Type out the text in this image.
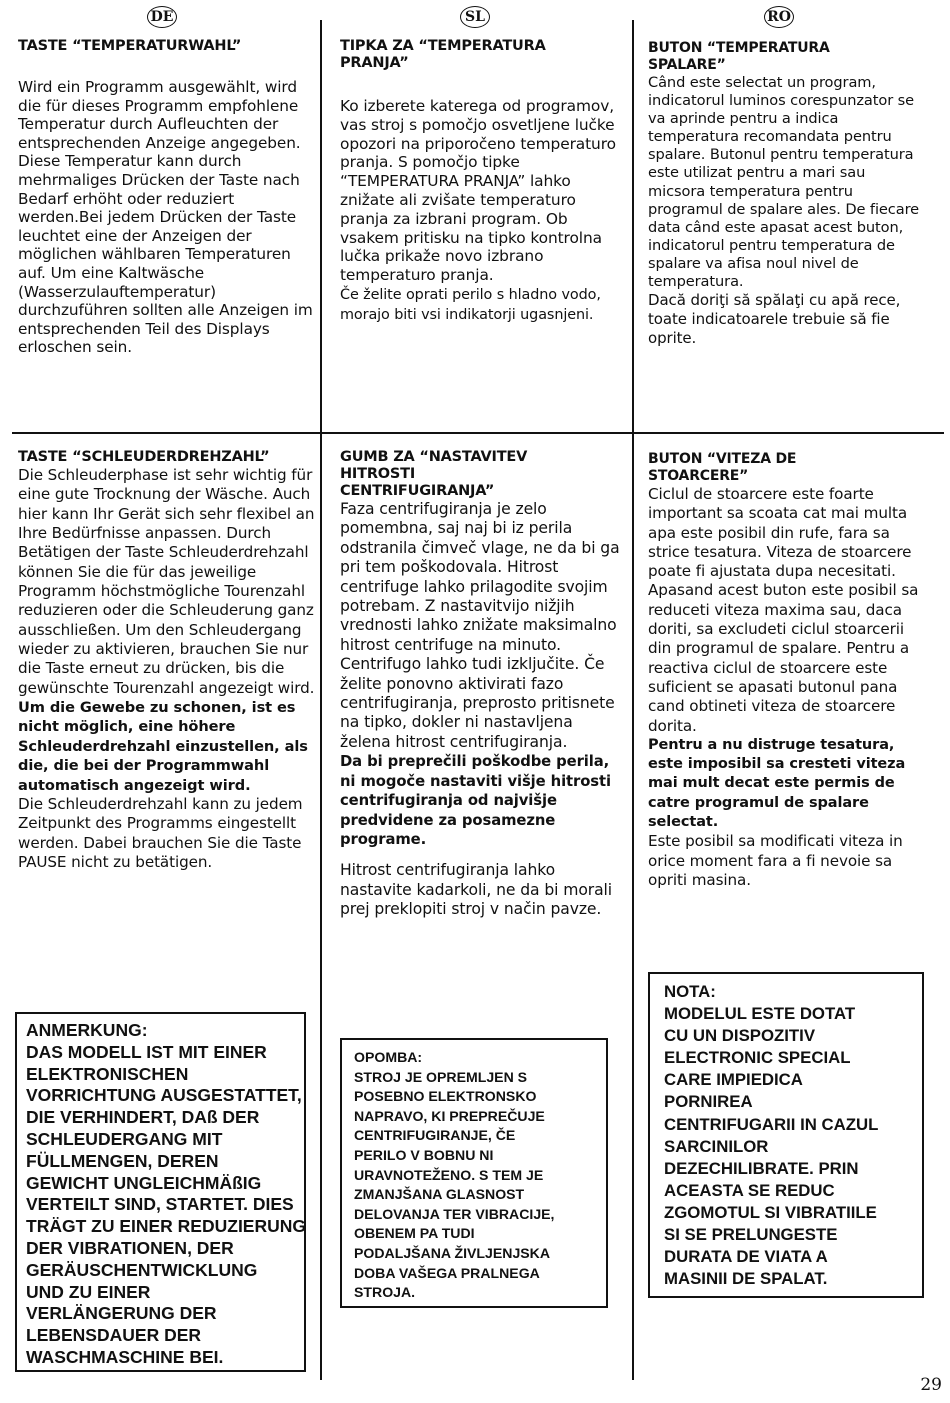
DE	SL	RO

TASTE “TEMPERATURWAHL”

Wird ein Programm ausgewählt, wird die für dieses Programm empfohlene Temperatur durch Aufleuchten der entsprechenden Anzeige angegeben. Diese Temperatur kann durch mehrmaliges Drücken der Taste nach Bedarf erhöht oder reduziert werden.Bei jedem Drücken der Taste leuchtet eine der Anzeigen der möglichen wählbaren Temperaturen auf. Um eine Kaltwäsche (Wasserzulauftemperatur) durchzuführen sollten alle Anzeigen im entsprechenden Teil des Displays erloschen sein.

TASTE “SCHLEUDERDREHZAHL”

Die Schleuderphase ist sehr wichtig für eine gute Trocknung der Wäsche. Auch hier kann Ihr Gerät sich sehr flexibel an Ihre Bedürfnisse anpassen. Durch Betätigen der Taste Schleuderdrehzahl können Sie die für das jeweilige Programm höchstmögliche Tourenzahl reduzieren oder die Schleuderung ganz ausschließen. Um den Schleudergang wieder zu aktivieren, brauchen Sie nur die Taste erneut zu drücken, bis die gewünschte Tourenzahl angezeigt wird.

Um die Gewebe zu schonen, ist es nicht möglich, eine höhere Schleuderdrehzahl einzustellen, als die, die bei der Programmwahl automatisch angezeigt wird.

Die Schleuderdrehzahl kann zu jedem Zeitpunkt des Programms eingestellt werden. Dabei brauchen Sie die Taste PAUSE nicht zu betätigen.

ANMERKUNG:
DAS MODELL IST MIT EINER
ELEKTRONISCHEN
VORRICHTUNG AUSGESTATTET,
DIE VERHINDERT, DAß DER
SCHLEUDERGANG MIT
FÜLLMENGEN, DEREN
GEWICHT UNGLEICHMÄßIG
VERTEILT SIND, STARTET. DIES
TRÄGT ZU EINER REDUZIERUNG
DER VIBRATIONEN, DER
GERÄUSCHENTWICKLUNG
UND ZU EINER
VERLÄNGERUNG DER
LEBENSDAUER DER
WASCHMASCHINE BEI.

TIPKA ZA “TEMPERATURA PRANJA”

Ko izberete katerega od programov, vas stroj s pomočjo osvetljene lučke opozori na priporočeno temperaturo pranja. S pomočjo tipke “TEMPERATURA PRANJA” lahko znižate ali zvišate temperaturo pranja za izbrani program. Ob vsakem pritisku na tipko kontrolna lučka prikaže novo izbrano temperaturo pranja.

Če želite oprati perilo s hladno vodo, morajo biti vsi indikatorji ugasnjeni.

GUMB ZA “NASTAVITEV HITROSTI CENTRIFUGIRANJA”

Faza centrifugiranja je zelo pomembna, saj naj bi iz perila odstranila čimveč vlage, ne da bi ga pri tem poškodovala. Hitrost centrifuge lahko prilagodite svojim potrebam. Z nastavitvijo nižjih vrednosti lahko znižate maksimalno hitrost centrifuge na minuto. Centrifugo lahko tudi izključite. Če želite ponovno aktivirati fazo centrifugiranja, preprosto pritisnete na tipko, dokler ni nastavljena želena hitrost centrifugiranja.

Da bi preprečili poškodbe perila, ni mogoče nastaviti višje hitrosti centrifugiranja od najvišje predvidene za posamezne programe.

Hitrost centrifugiranja lahko nastavite kadarkoli, ne da bi morali prej preklopiti stroj v način pavze.

OPOMBA:
STROJ JE OPREMLJEN S
POSEBNO ELEKTRONSKO
NAPRAVO, KI PREPREČUJE
CENTRIFUGIRANJE, ČE
PERILO V BOBNU NI
URAVNOTEŽENO. S TEM JE
ZMANJŠANA GLASNOST
DELOVANJA TER VIBRACIJE,
OBENEM PA TUDI
PODALJŠANA ŽIVLJENJSKA
DOBA VAŠEGA PRALNEGA
STROJA.

BUTON “TEMPERATURA SPALARE”

Când este selectat un program, indicatorul luminos corespunzator se va aprinde pentru a indica temperatura recomandata pentru spalare. Butonul pentru temperatura este utilizat pentru a mari sau micsora temperatura pentru programul de spalare ales. De fiecare data când este apasat acest buton, indicatorul pentru temperatura de spalare va afisa noul nivel de temperatura.

Dacă doriţi să spălaţi cu apă rece, toate indicatoarele trebuie să fie oprite.

BUTON “VITEZA DE STOARCERE”

Ciclul de stoarcere este foarte important sa scoata cat mai multa apa este posibil din rufe, fara sa strice tesatura. Viteza de stoarcere poate fi ajustata dupa necesitati. Apasand acest buton este posibil sa reduceti viteza maxima sau, daca doriti, sa excludeti ciclul stoarcerii din programul de spalare. Pentru a reactiva ciclul de stoarcere este suficient se apasati butonul pana cand obtineti viteza de stoarcere dorita.

Pentru a nu distruge tesatura, este imposibil sa cresteti viteza mai mult decat este permis de catre programul de spalare selectat.

Este posibil sa modificati viteza in orice moment fara a fi nevoie sa opriti masina.

NOTA:
MODELUL ESTE DOTAT
CU UN DISPOZITIV
ELECTRONIC SPECIAL
CARE IMPIEDICA
PORNIREA
CENTRIFUGARII IN CAZUL
SARCINILOR
DEZECHILIBRATE. PRIN
ACEASTA SE REDUC
ZGOMOTUL SI VIBRATIILE
SI SE PRELUNGESTE
DURATA DE VIATA A
MASINII DE SPALAT.
29
